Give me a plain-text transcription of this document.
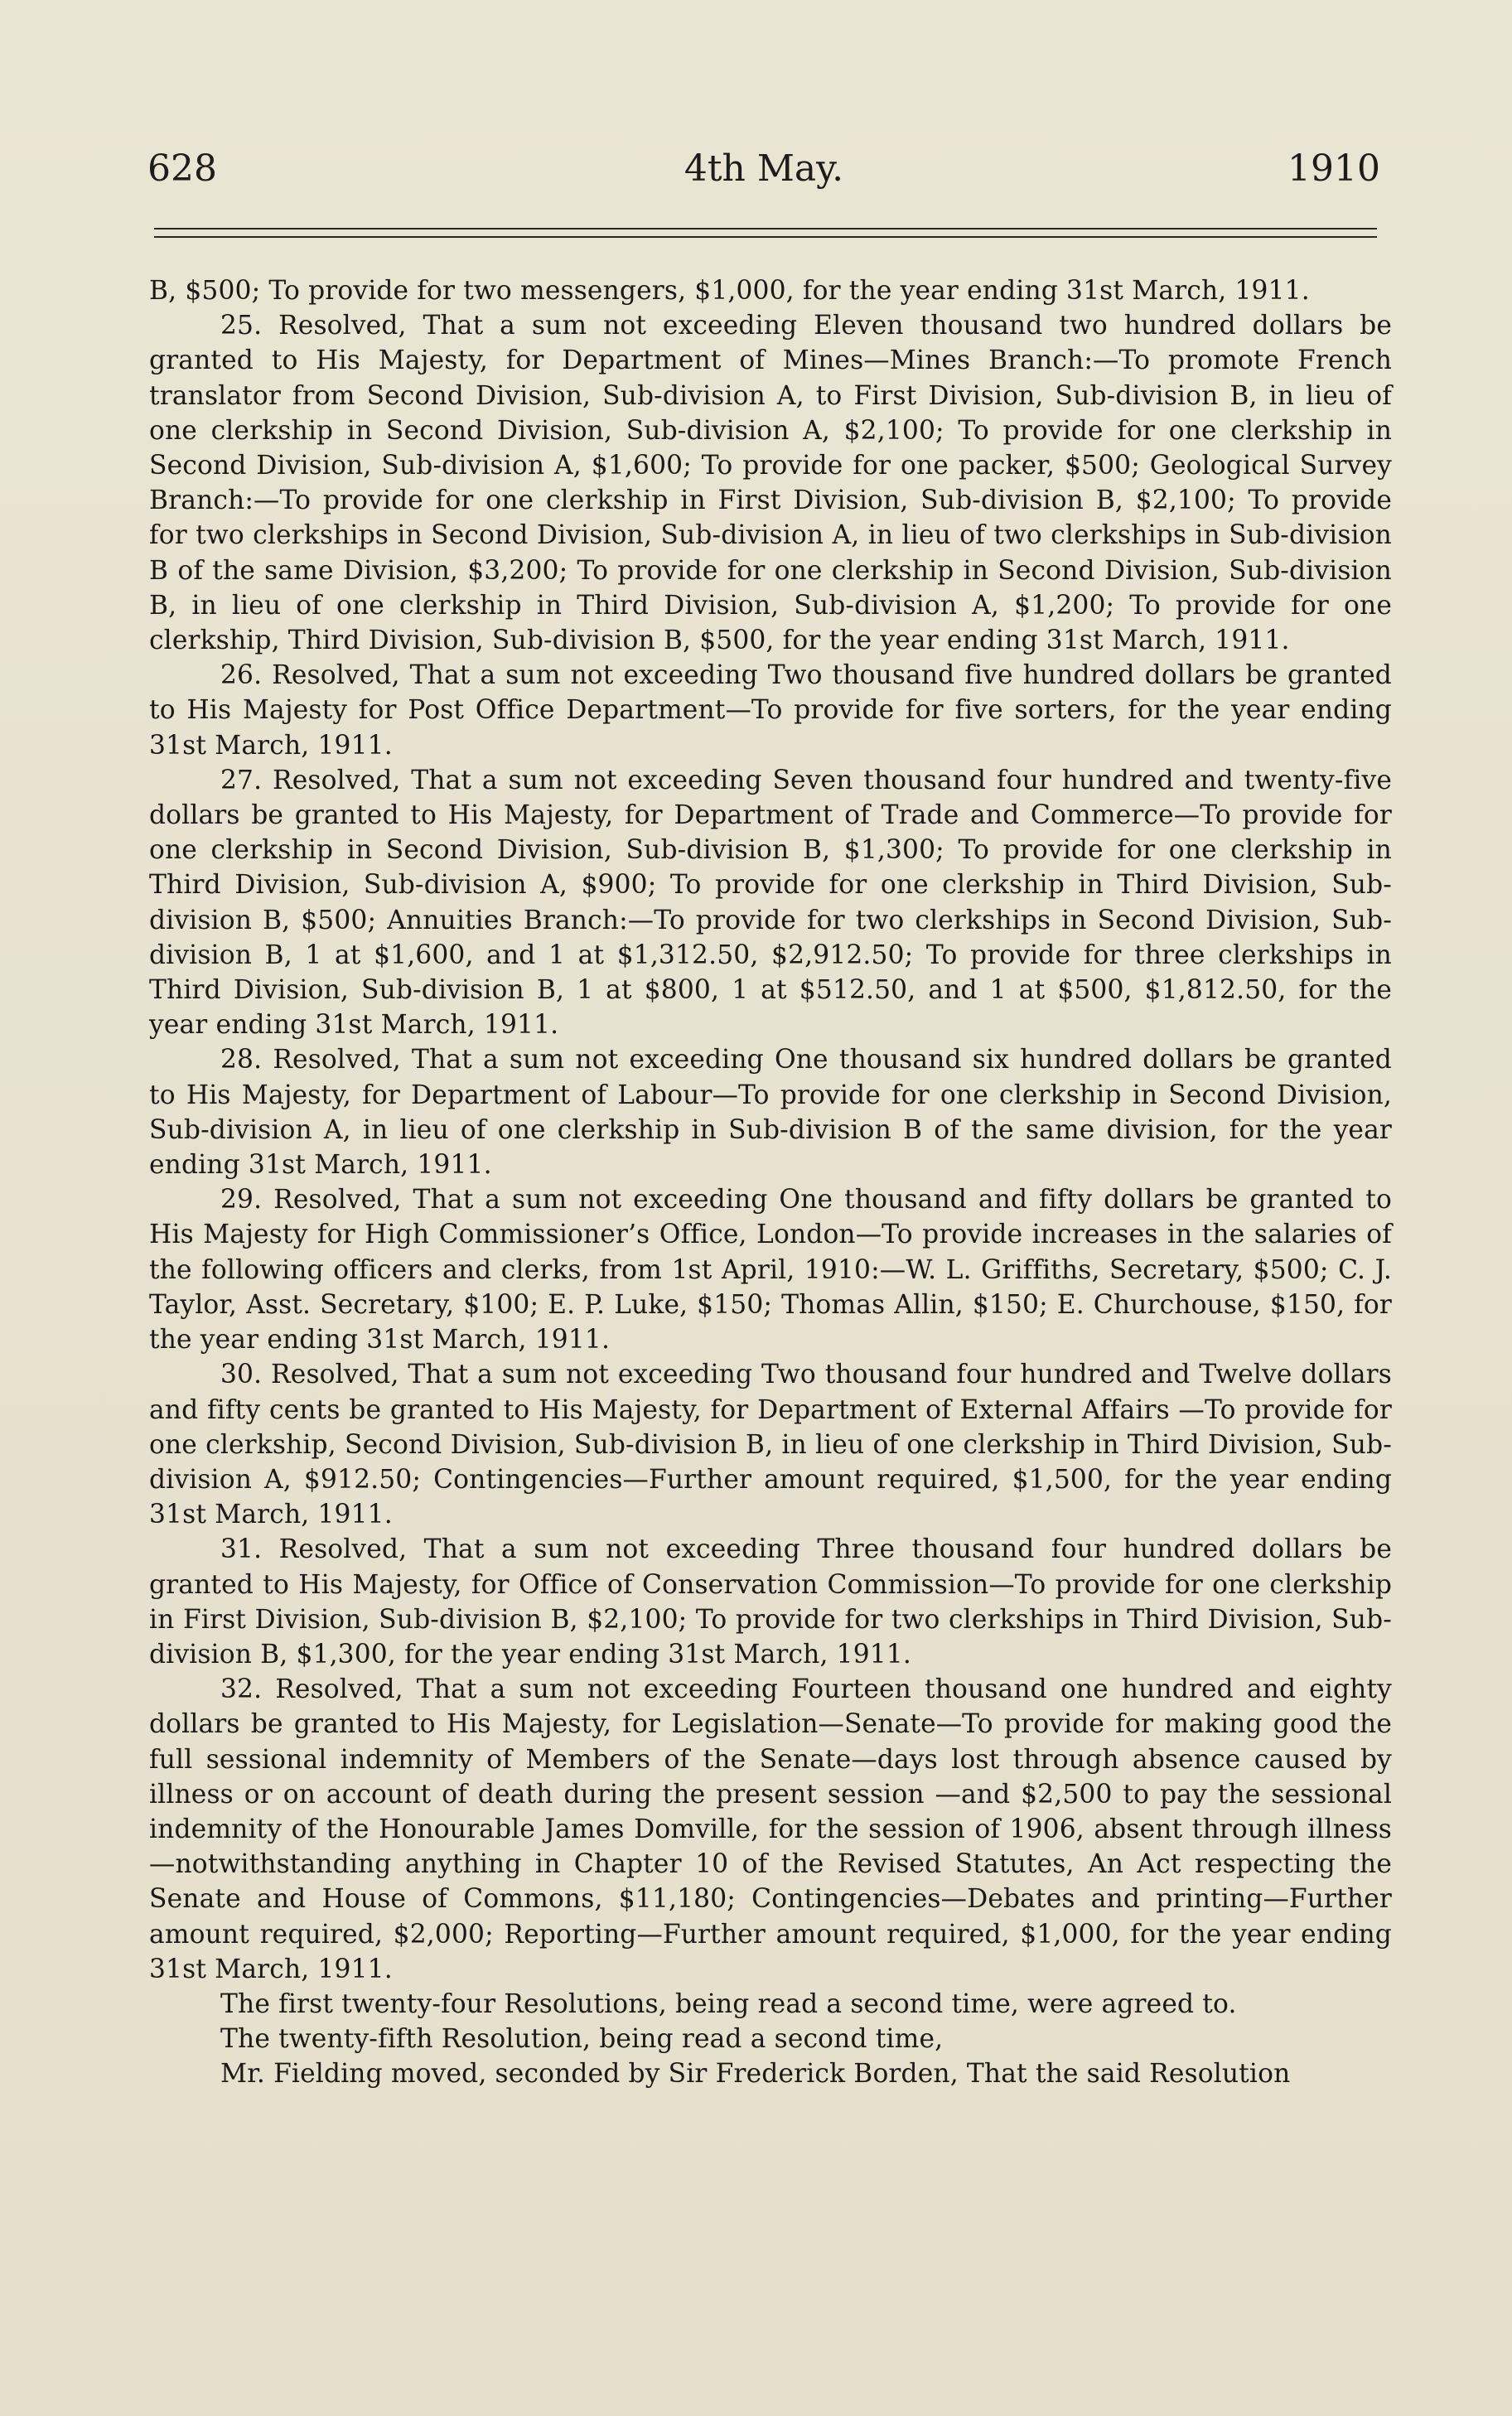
628	4th May.	1910

B, $500; To provide for two messengers, $1,000, for the year ending 31st March, 1911.

25. Resolved, That a sum not exceeding Eleven thousand two hundred dollars be granted to His Majesty, for Department of Mines—Mines Branch:—To promote French translator from Second Division, Sub-division A, to First Division, Sub-division B, in lieu of one clerkship in Second Division, Sub-division A, $2,100; To provide for one clerkship in Second Division, Sub-division A, $1,600; To provide for one packer, $500; Geological Survey Branch:—To provide for one clerkship in First Division, Sub-division B, $2,100; To provide for two clerkships in Second Division, Sub-division A, in lieu of two clerkships in Sub-division B of the same Division, $3,200; To provide for one clerkship in Second Division, Sub-division B, in lieu of one clerkship in Third Division, Sub-division A, $1,200; To provide for one clerkship, Third Division, Sub-division B, $500, for the year ending 31st March, 1911.

26. Resolved, That a sum not exceeding Two thousand five hundred dollars be granted to His Majesty for Post Office Department—To provide for five sorters, for the year ending 31st March, 1911.

27. Resolved, That a sum not exceeding Seven thousand four hundred and twenty-five dollars be granted to His Majesty, for Department of Trade and Commerce—To provide for one clerkship in Second Division, Sub-division B, $1,300; To provide for one clerkship in Third Division, Sub-division A, $900; To provide for one clerkship in Third Division, Sub-division B, $500; Annuities Branch:—To provide for two clerkships in Second Division, Sub-division B, 1 at $1,600, and 1 at $1,312.50, $2,912.50; To provide for three clerkships in Third Division, Sub-division B, 1 at $800, 1 at $512.50, and 1 at $500, $1,812.50, for the year ending 31st March, 1911.

28. Resolved, That a sum not exceeding One thousand six hundred dollars be granted to His Majesty, for Department of Labour—To provide for one clerkship in Second Division, Sub-division A, in lieu of one clerkship in Sub-division B of the same division, for the year ending 31st March, 1911.

29. Resolved, That a sum not exceeding One thousand and fifty dollars be granted to His Majesty for High Commissioner’s Office, London—To provide increases in the salaries of the following officers and clerks, from 1st April, 1910:—W. L. Griffiths, Secretary, $500; C. J. Taylor, Asst. Secretary, $100; E. P. Luke, $150; Thomas Allin, $150; E. Churchouse, $150, for the year ending 31st March, 1911.

30. Resolved, That a sum not exceeding Two thousand four hundred and Twelve dollars and fifty cents be granted to His Majesty, for Department of External Affairs —To provide for one clerkship, Second Division, Sub-division B, in lieu of one clerkship in Third Division, Sub-division A, $912.50; Contingencies—Further amount required, $1,500, for the year ending 31st March, 1911.

31. Resolved, That a sum not exceeding Three thousand four hundred dollars be granted to His Majesty, for Office of Conservation Commission—To provide for one clerkship in First Division, Sub-division B, $2,100; To provide for two clerkships in Third Division, Sub-division B, $1,300, for the year ending 31st March, 1911.

32. Resolved, That a sum not exceeding Fourteen thousand one hundred and eighty dollars be granted to His Majesty, for Legislation—Senate—To provide for making good the full sessional indemnity of Members of the Senate—days lost through absence caused by illness or on account of death during the present session —and $2,500 to pay the sessional indemnity of the Honourable James Domville, for the session of 1906, absent through illness—notwithstanding anything in Chapter 10 of the Revised Statutes, An Act respecting the Senate and House of Commons, $11,180; Contingencies—Debates and printing—Further amount required, $2,000; Reporting—Further amount required, $1,000, for the year ending 31st March, 1911.

The first twenty-four Resolutions, being read a second time, were agreed to.

The twenty-fifth Resolution, being read a second time,

Mr. Fielding moved, seconded by Sir Frederick Borden, That the said Resolution
